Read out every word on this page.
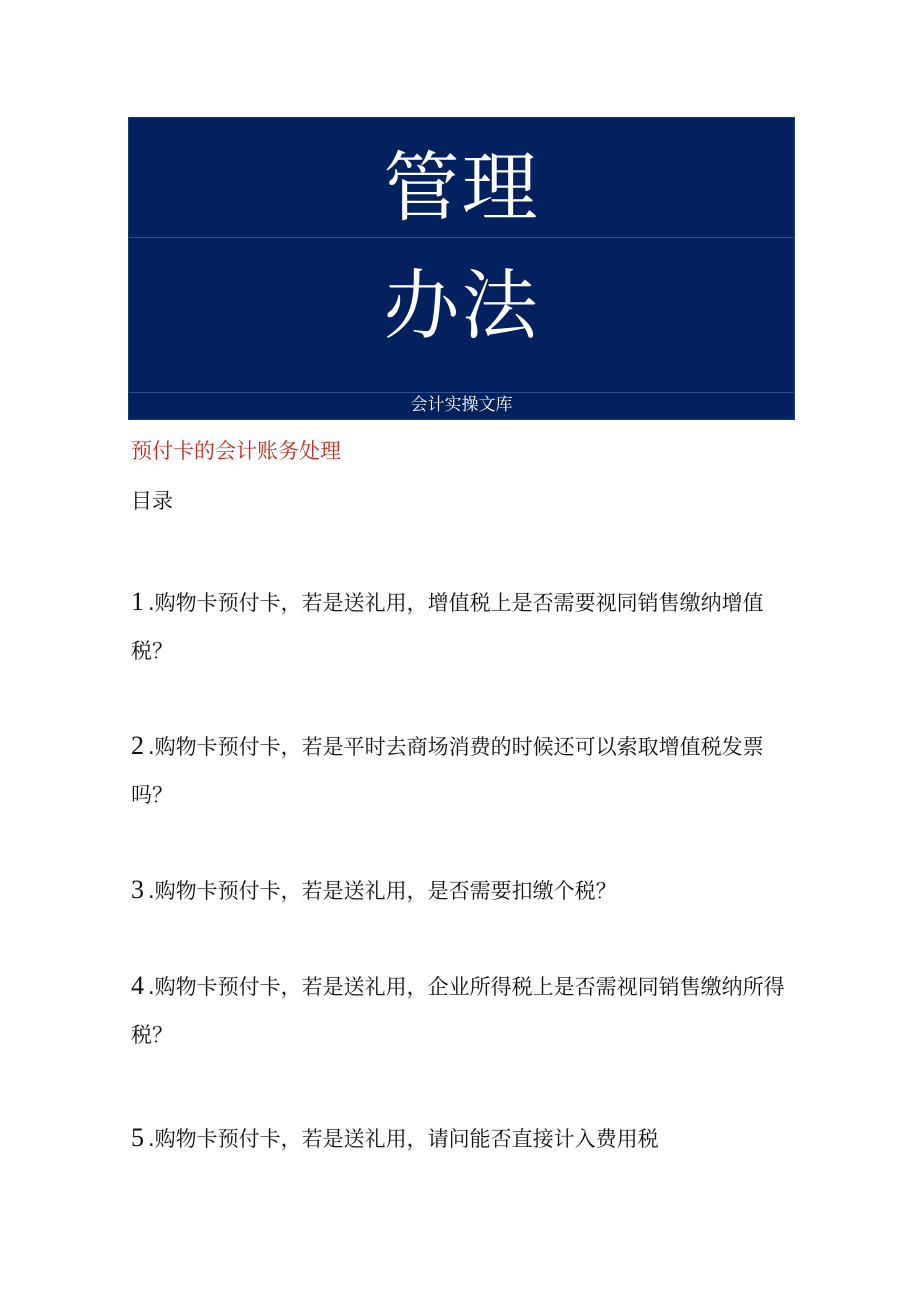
管理
办法
会计实操文库
预付卡的会计账务处理
目录
1 .购物卡预付卡，若是送礼用，增值税上是否需要视同销售缴纳增值税？
2 .购物卡预付卡，若是平时去商场消费的时候还可以索取增值税发票吗？
3 .购物卡预付卡，若是送礼用，是否需要扣缴个税？
4 .购物卡预付卡，若是送礼用，企业所得税上是否需视同销售缴纳所得税？
5 .购物卡预付卡，若是送礼用，请问能否直接计入费用税
